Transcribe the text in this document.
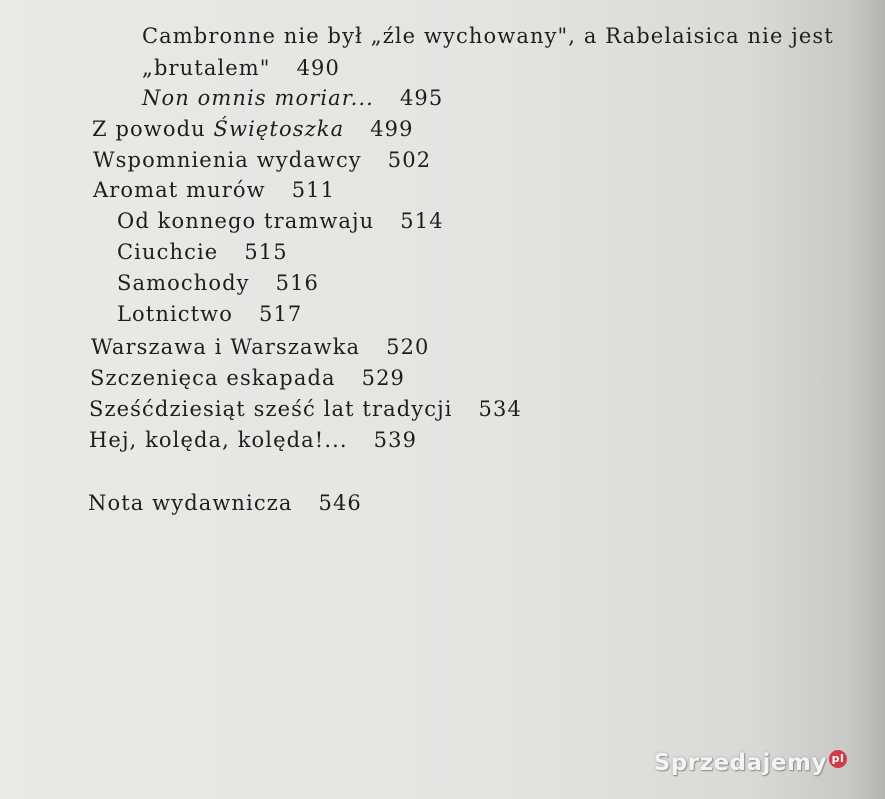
Cambronne nie był „źle wychowany", a Rabelaisica nie jest
„brutalem" 490
Non omnis moriar... 495
Z powodu Świętoszka 499
Wspomnienia wydawcy 502
Aromat murów 511
Od konnego tramwaju 514
Ciuchcie 515
Samochody 516
Lotnictwo 517
Warszawa i Warszawka 520
Szczenięca eskapada 529
Sześćdziesiąt sześć lat tradycji 534
Hej, kolęda, kolęda!... 539
Nota wydawnicza 546
Sprzedajemy pl
